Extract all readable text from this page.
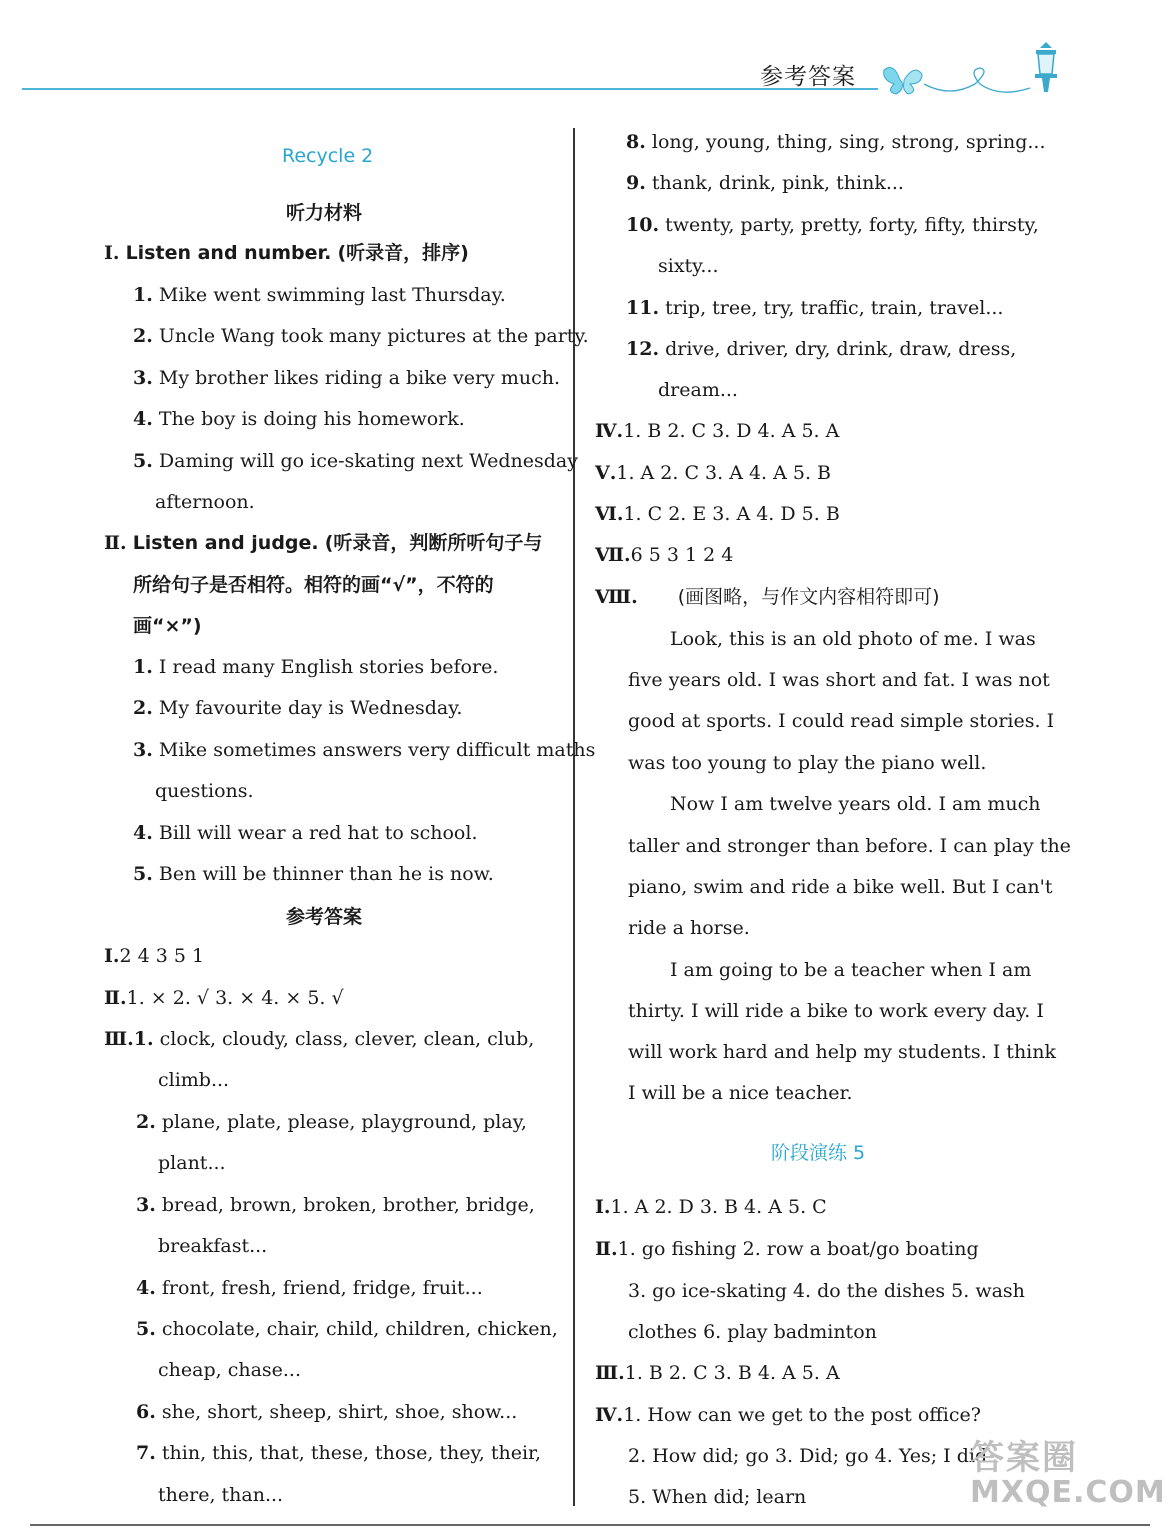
参考答案
Recycle 2
听力材料
Ⅰ. Listen and number. (听录音，排序)
1. Mike went swimming last Thursday.
2. Uncle Wang took many pictures at the party.
3. My brother likes riding a bike very much.
4. The boy is doing his homework.
5. Daming will go ice-skating next Wednesday
afternoon.
Ⅱ. Listen and judge. (听录音，判断所听句子与
所给句子是否相符。相符的画“√”，不符的
画“×”)
1. I read many English stories before.
2. My favourite day is Wednesday.
3. Mike sometimes answers very difficult maths
questions.
4. Bill will wear a red hat to school.
5. Ben will be thinner than he is now.
参考答案
Ⅰ.2 4 3 5 1
Ⅱ.1. × 2. √ 3. × 4. × 5. √
Ⅲ.1. clock, cloudy, class, clever, clean, club,
climb...
2. plane, plate, please, playground, play,
plant...
3. bread, brown, broken, brother, bridge,
breakfast...
4. front, fresh, friend, fridge, fruit...
5. chocolate, chair, child, children, chicken,
cheap, chase...
6. she, short, sheep, shirt, shoe, show...
7. thin, this, that, these, those, they, their,
there, than...
8. long, young, thing, sing, strong, spring...
9. thank, drink, pink, think...
10. twenty, party, pretty, forty, fifty, thirsty,
sixty...
11. trip, tree, try, traffic, train, travel...
12. drive, driver, dry, drink, draw, dress,
dream...
Ⅳ.1. B 2. C 3. D 4. A 5. A
Ⅴ.1. A 2. C 3. A 4. A 5. B
Ⅵ.1. C 2. E 3. A 4. D 5. B
Ⅶ.6 5 3 1 2 4
Ⅷ. (画图略，与作文内容相符即可)
Look, this is an old photo of me. I was
five years old. I was short and fat. I was not
good at sports. I could read simple stories. I
was too young to play the piano well.
Now I am twelve years old. I am much
taller and stronger than before. I can play the
piano, swim and ride a bike well. But I can't
ride a horse.
I am going to be a teacher when I am
thirty. I will ride a bike to work every day. I
will work hard and help my students. I think
I will be a nice teacher.
阶段演练 5
Ⅰ.1. A 2. D 3. B 4. A 5. C
Ⅱ.1. go fishing 2. row a boat/go boating
3. go ice-skating 4. do the dishes 5. wash
clothes 6. play badminton
Ⅲ.1. B 2. C 3. B 4. A 5. A
Ⅳ.1. How can we get to the post office?
2. How did; go 3. Did; go 4. Yes; I did
5. When did; learn
答案圈
MXQE.COM
